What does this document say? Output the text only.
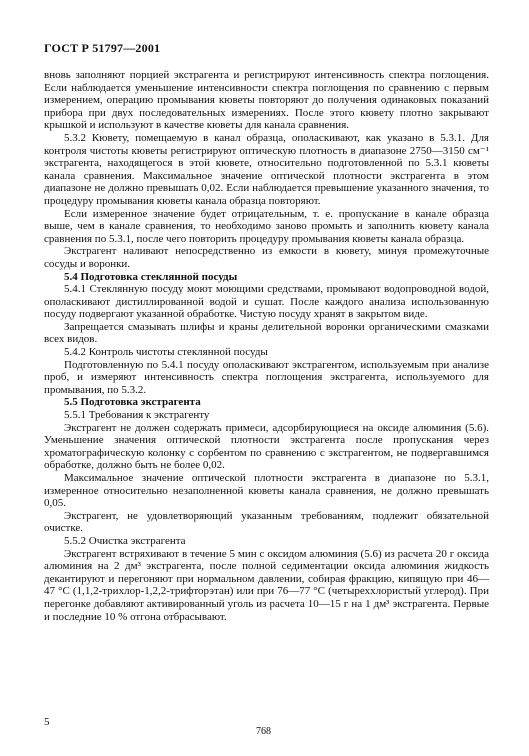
ГОСТ Р 51797—2001

вновь заполняют порцией экстрагента и регистрируют интенсивность спектра поглощения. Если наблюдается уменьшение интенсивности спектра поглощения по сравнению с первым измерением, операцию промывания кюветы повторяют до получения одинаковых показаний прибора при двух последовательных измерениях. После этого кювету плотно закрывают крышкой и используют в качестве кюветы для канала сравнения.

5.3.2 Кювету, помещаемую в канал образца, ополаскивают, как указано в 5.3.1. Для контроля чистоты кюветы регистрируют оптическую плотность в диапазоне 2750—3150 см⁻¹ экстрагента, находящегося в этой кювете, относительно подготовленной по 5.3.1 кюветы канала сравнения. Максимальное значение оптической плотности экстрагента в этом диапазоне не должно превышать 0,02. Если наблюдается превышение указанного значения, то процедуру промывания кюветы канала образца повторяют.

Если измеренное значение будет отрицательным, т. е. пропускание в канале образца выше, чем в канале сравнения, то необходимо заново промыть и заполнить кювету канала сравнения по 5.3.1, после чего повторить процедуру промывания кюветы канала образца.

Экстрагент наливают непосредственно из емкости в кювету, минуя промежуточные сосуды и воронки.

5.4 Подготовка стеклянной посуды

5.4.1 Стеклянную посуду моют моющими средствами, промывают водопроводной водой, ополаскивают дистиллированной водой и сушат. После каждого анализа использованную посуду подвергают указанной обработке. Чистую посуду хранят в закрытом виде.

Запрещается смазывать шлифы и краны делительной воронки органическими смазками всех видов.

5.4.2 Контроль чистоты стеклянной посуды

Подготовленную по 5.4.1 посуду ополаскивают экстрагентом, используемым при анализе проб, и измеряют интенсивность спектра поглощения экстрагента, используемого для промывания, по 5.3.2.

5.5 Подготовка экстрагента

5.5.1 Требования к экстрагенту

Экстрагент не должен содержать примеси, адсорбирующиеся на оксиде алюминия (5.6). Уменьшение значения оптической плотности экстрагента после пропускания через хроматографическую колонку с сорбентом по сравнению с экстрагентом, не подвергавшимся обработке, должно быть не более 0,02.

Максимальное значение оптической плотности экстрагента в диапазоне по 5.3.1, измеренное относительно незаполненной кюветы канала сравнения, не должно превышать 0,05.

Экстрагент, не удовлетворяющий указанным требованиям, подлежит обязательной очистке.

5.5.2 Очистка экстрагента

Экстрагент встряхивают в течение 5 мин с оксидом алюминия (5.6) из расчета 20 г оксида алюминия на 2 дм³ экстрагента, после полной седиментации оксида алюминия жидкость декантируют и перегоняют при нормальном давлении, собирая фракцию, кипящую при 46—47 °С (1,1,2-трихлор-1,2,2-трифторэтан) или при 76—77 °С (четыреххлористый углерод). При перегонке добавляют активированный уголь из расчета 10—15 г на 1 дм³ экстрагента. Первые и последние 10 % отгона отбрасывают.

5
768
